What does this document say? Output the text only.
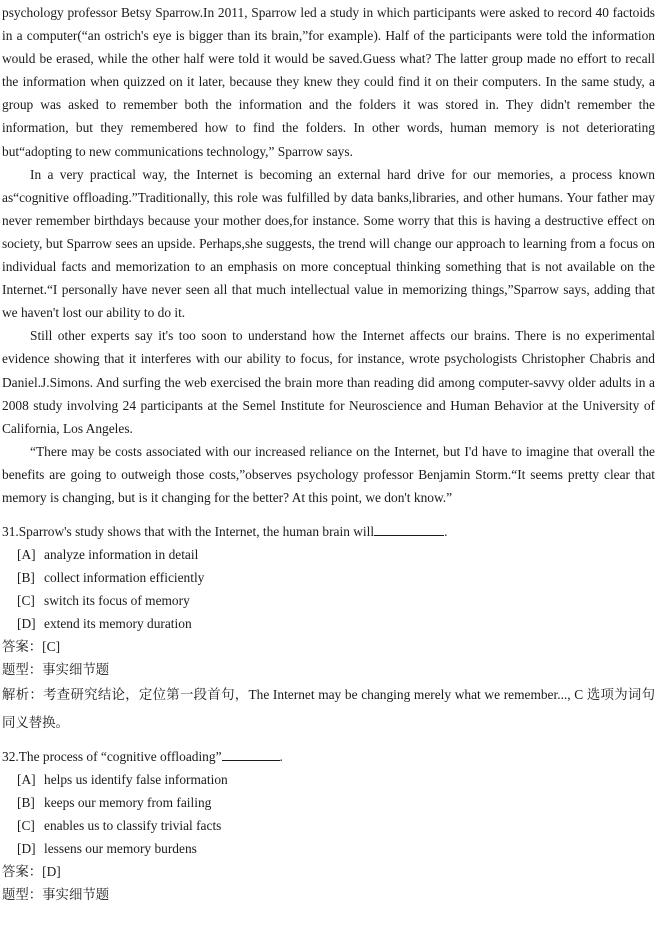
psychology professor Betsy Sparrow.In 2011, Sparrow led a study in which participants were asked to record 40 factoids in a computer(“an ostrich's eye is bigger than its brain,”for example). Half of the participants were told the information would be erased, while the other half were told it would be saved.Guess what? The latter group made no effort to recall the information when quizzed on it later, because they knew they could find it on their computers. In the same study, a group was asked to remember both the information and the folders it was stored in. They didn't remember the information, but they remembered how to find the folders. In other words, human memory is not deteriorating but“adopting to new communications technology,” Sparrow says.

In a very practical way, the Internet is becoming an external hard drive for our memories, a process known as“cognitive offloading.”Traditionally, this role was fulfilled by data banks,libraries, and other humans. Your father may never remember birthdays because your mother does,for instance. Some worry that this is having a destructive effect on society, but Sparrow sees an upside. Perhaps,she suggests, the trend will change our approach to learning from a focus on individual facts and memorization to an emphasis on more conceptual thinking something that is not available on the Internet.“I personally have never seen all that much intellectual value in memorizing things,”Sparrow says, adding that we haven't lost our ability to do it.

Still other experts say it's too soon to understand how the Internet affects our brains. There is no experimental evidence showing that it interferes with our ability to focus, for instance, wrote psychologists Christopher Chabris and Daniel.J.Simons. And surfing the web exercised the brain more than reading did among computer-savvy older adults in a 2008 study involving 24 participants at the Semel Institute for Neuroscience and Human Behavior at the University of California, Los Angeles.

“There may be costs associated with our increased reliance on the Internet, but I'd have to imagine that overall the benefits are going to outweigh those costs,”observes psychology professor Benjamin Storm.“It seems pretty clear that memory is changing, but is it changing for the better? At this point, we don't know.”

31.Sparrow's study shows that with the Internet, the human brain will	.

[A] analyze information in detail
[B] collect information efficiently
[C] switch its focus of memory
[D] extend its memory duration

答案：[C]

题型：事实细节题

解析：考查研究结论，定位第一段首句，The Internet may be changing merely what we remember..., C 选项为词句同义替换。

32.The process of “cognitive offloading”	.

[A] helps us identify false information
[B] keeps our memory from failing
[C] enables us to classify trivial facts
[D] lessens our memory burdens

答案：[D]

题型：事实细节题
